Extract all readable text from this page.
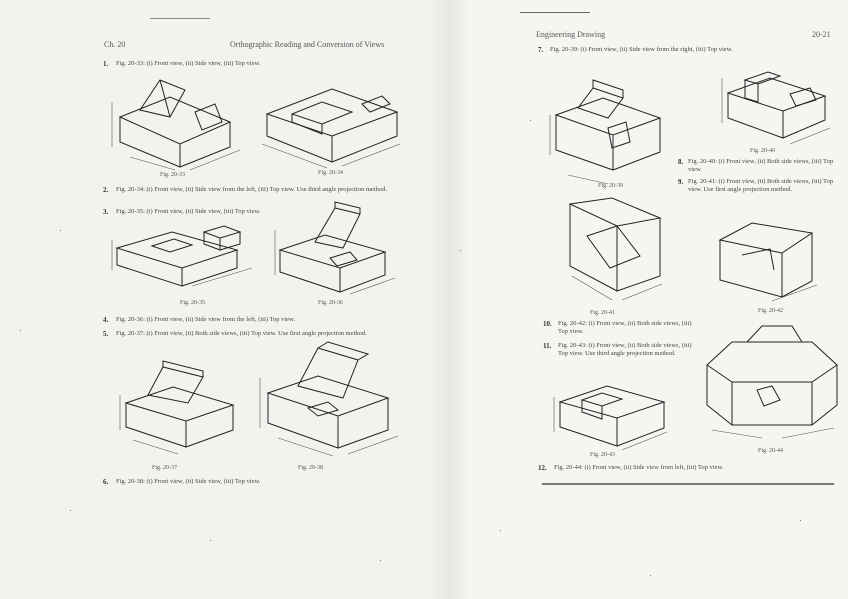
Ch. 20	Orthographic Reading and Conversion of Views
1. Fig. 20-33: (i) Front view, (ii) Side view, (iii) Top view.
Fig. 20-33	Fig. 20-34
2. Fig. 20-34: (i) Front view, (ii) Side view from the left, (iii) Top view. Use third angle projection method.
3. Fig. 20-35: (i) Front view, (ii) Side view, (iii) Top view.
Fig. 20-35	Fig. 20-36
4. Fig. 20-36: (i) Front view, (ii) Side view from the left, (iii) Top view.
5. Fig. 20-37: (i) Front view, (ii) Both side views, (iii) Top view. Use first angle projection method.
Fig. 20-37	Fig. 20-38
6. Fig. 20-38: (i) Front view, (ii) Side view, (iii) Top view.
Engineering Drawing	20-21
7. Fig. 20-39: (i) Front view, (ii) Side view from the right, (iii) Top view.
Fig. 20-39
Fig. 20-40
8. Fig. 20-40: (i) Front view, (ii) Both side views, (iii) Top view.
9. Fig. 20-41: (i) Front view, (ii) Both side views, (iii) Top view. Use first angle projection method.
Fig. 20-41	Fig. 20-42
10. Fig. 20-42: (i) Front view, (ii) Both side views, (iii) Top view.
11. Fig. 20-43: (i) Front view, (ii) Both side views, (iii) Top view. Use third angle projection method.
Fig. 20-43
Fig. 20-44
12. Fig. 20-44: (i) Front view, (ii) Side view from left, (iii) Top view.
